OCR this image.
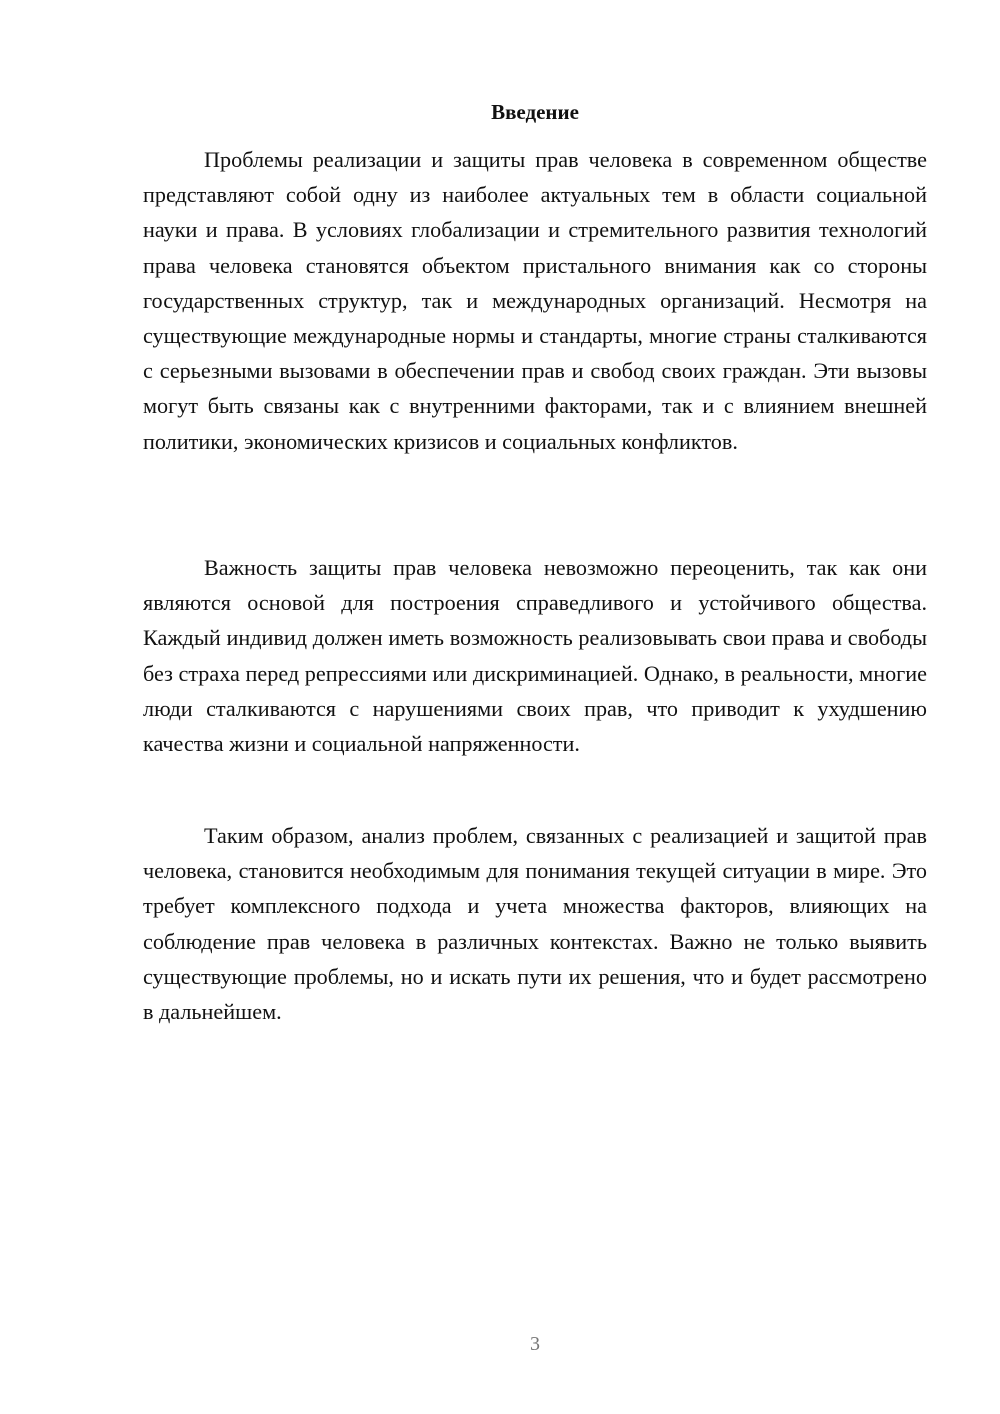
Введение

Проблемы реализации и защиты прав человека в современном обществе представляют собой одну из наиболее актуальных тем в области социальной науки и права. В условиях глобализации и стремительного развития технологий права человека становятся объектом пристального внимания как со стороны государственных структур, так и международных организаций. Несмотря на существующие международные нормы и стандарты, многие страны сталкиваются с серьезными вызовами в обеспечении прав и свобод своих граждан. Эти вызовы могут быть связаны как с внутренними факторами, так и с влиянием внешней политики, экономических кризисов и социальных конфликтов.

Важность защиты прав человека невозможно переоценить, так как они являются основой для построения справедливого и устойчивого общества. Каждый индивид должен иметь возможность реализовывать свои права и свободы без страха перед репрессиями или дискриминацией. Однако, в реальности, многие люди сталкиваются с нарушениями своих прав, что приводит к ухудшению качества жизни и социальной напряженности.

Таким образом, анализ проблем, связанных с реализацией и защитой прав человека, становится необходимым для понимания текущей ситуации в мире. Это требует комплексного подхода и учета множества факторов, влияющих на соблюдение прав человека в различных контекстах. Важно не только выявить существующие проблемы, но и искать пути их решения, что и будет рассмотрено в дальнейшем.

3
